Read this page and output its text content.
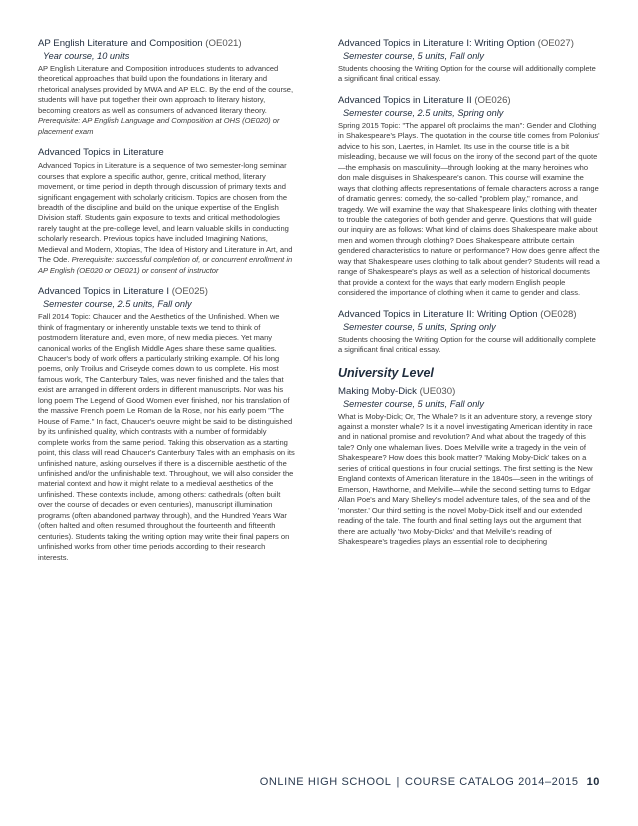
AP English Literature and Composition (OE021)
Year course, 10 units

AP English Literature and Composition introduces students to advanced theoretical approaches that build upon the foundations in literary and rhetorical analyses provided by MWA and AP ELC. By the end of the course, students will have put together their own approach to literary history, becoming creators as well as consumers of advanced literary theory.

Prerequisite: AP English Language and Composition at OHS (OE020) or placement exam

Advanced Topics in Literature

Advanced Topics in Literature is a sequence of two semester-long seminar courses that explore a specific author, genre, critical method, literary movement, or time period in depth through discussion of primary texts and significant engagement with scholarly criticism. Topics are chosen from the breadth of the discipline and build on the unique expertise of the English Division staff. Students gain exposure to texts and critical methodologies rarely taught at the pre-college level, and learn valuable skills in conducting scholarly research. Previous topics have included Imagining Nations, Medieval and Modern, Xtopias, The Idea of History and Literature in Art, and The Ode. Prerequisite: successful completion of, or concurrent enrollment in AP English (OE020 or OE021) or consent of instructor

Advanced Topics in Literature I (OE025)
Semester course, 2.5 units, Fall only

Fall 2014 Topic: Chaucer and the Aesthetics of the Unfinished. When we think of fragmentary or inherently unstable texts we tend to think of postmodern literature and, even more, of new media pieces. Yet many canonical works of the English Middle Ages share these same qualities. Chaucer's body of work offers a particularly striking example. Of his long poems, only Troilus and Criseyde comes down to us complete. His most famous work, The Canterbury Tales, was never finished and the tales that exist are arranged in different orders in different manuscripts. Nor was his long poem The Legend of Good Women ever finished, nor his translation of the massive French poem Le Roman de la Rose, nor his early poem "The House of Fame." In fact, Chaucer's oeuvre might be said to be distinguished by its unfinished quality, which contrasts with a number of formidably complete works from the same period. Taking this observation as a starting point, this class will read Chaucer's Canterbury Tales with an emphasis on its unfinished nature, asking ourselves if there is a discernible aesthetic of the unfinished and/or the unfinishable text. Throughout, we will also consider the material context and how it might relate to a medieval aesthetics of the unfinished. These contexts include, among others: cathedrals (often built over the course of decades or even centuries), manuscript illumination programs (often abandoned partway through), and the Hundred Years War (often halted and often resumed throughout the fourteenth and fifteenth centuries). Students taking the writing option may write their final papers on unfinished works from other time periods according to their research interests.

Advanced Topics in Literature I: Writing Option (OE027)
Semester course, 5 units, Fall only

Students choosing the Writing Option for the course will additionally complete a significant final critical essay.

Advanced Topics in Literature II (OE026)
Semester course, 2.5 units, Spring only

Spring 2015 Topic: "The apparel oft proclaims the man": Gender and Clothing in Shakespeare's Plays. The quotation in the course title comes from Polonius' advice to his son, Laertes, in Hamlet. Its use in the course title is a bit misleading, because we will focus on the irony of the second part of the quote—the emphasis on masculinity—through looking at the many heroines who don male disguises in Shakespeare's canon. This course will examine the ways that clothing affects representations of female characters across a range of dramatic genres: comedy, the so-called "problem play," romance, and tragedy. We will examine the way that Shakespeare links clothing with theater to trouble the categories of both gender and genre. Questions that will guide our inquiry are as follows: What kind of claims does Shakespeare make about men and women through clothing? Does Shakespeare attribute certain gendered characteristics to nature or performance? How does genre affect the way that Shakespeare uses clothing to talk about gender? Students will read a range of Shakespeare's plays as well as a selection of historical documents that provide a context for the ways that early modern English people considered the importance of clothing when it came to gender and class.

Advanced Topics in Literature II: Writing Option (OE028)
Semester course, 5 units, Spring only

Students choosing the Writing Option for the course will additionally complete a significant final critical essay.

University Level
Making Moby-Dick (UE030)
Semester course, 5 units, Fall only

What is Moby-Dick; Or, The Whale? Is it an adventure story, a revenge story against a monster whale? Is it a novel investigating American identity in race and in national promise and revolution? And what about the tragedy of this tale? Only one whaleman lives. Does Melville write a tragedy in the vein of Shakespeare? How does this book matter? 'Making Moby-Dick' takes on a series of critical questions in four crucial settings. The first setting is the New England contexts of American literature in the 1840s—seen in the writings of Emerson, Hawthorne, and Melville—while the second setting turns to Edgar Allan Poe's and Mary Shelley's model adventure tales, of the sea and of the 'monster.' Our third setting is the novel Moby-Dick itself and our extended reading of the tale. The fourth and final setting lays out the argument that there are actually 'two Moby-Dicks' and that Melville's reading of Shakespeare's tragedies plays an essential role to deciphering

ONLINE HIGH SCHOOL | COURSE CATALOG 2014–2015 10
